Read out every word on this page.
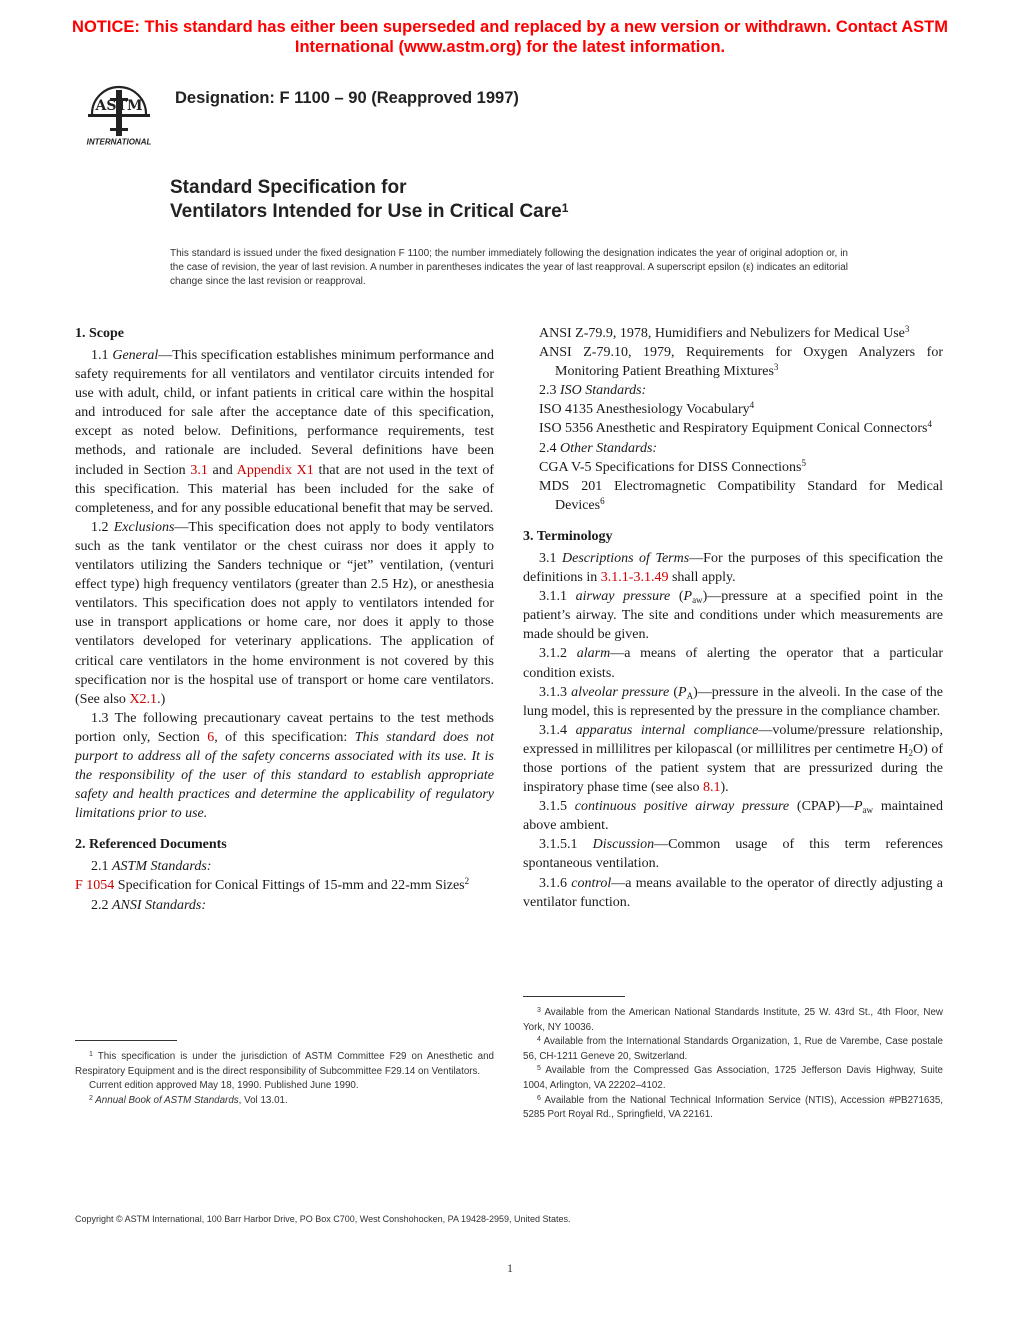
NOTICE: This standard has either been superseded and replaced by a new version or withdrawn. Contact ASTM
International (www.astm.org) for the latest information.
ASTM
INTERNATIONAL
Designation: F 1100 – 90 (Reapproved 1997)
Standard Specification for
Ventilators Intended for Use in Critical Care$^1$
This standard is issued under the fixed designation F 1100; the number immediately following the designation indicates the year of original adoption or, in the case of revision, the year of last revision. A number in parentheses indicates the year of last reapproval. A superscript epsilon (ε) indicates an editorial change since the last revision or reapproval.
1. Scope

1.1 General—This specification establishes minimum performance and safety requirements for all ventilators and ventilator circuits intended for use with adult, child, or infant patients in critical care within the hospital and introduced for sale after the acceptance date of this specification, except as noted below. Definitions, performance requirements, test methods, and rationale are included. Several definitions have been included in Section 3.1 and Appendix X1 that are not used in the text of this specification. This material has been included for the sake of completeness, and for any possible educational benefit that may be served.

1.2 Exclusions—This specification does not apply to body ventilators such as the tank ventilator or the chest cuirass nor does it apply to ventilators utilizing the Sanders technique or “jet” ventilation, (venturi effect type) high frequency ventilators (greater than 2.5 Hz), or anesthesia ventilators. This specification does not apply to ventilators intended for use in transport applications or home care, nor does it apply to those ventilators developed for veterinary applications. The application of critical care ventilators in the home environment is not covered by this specification nor is the hospital use of transport or home care ventilators. (See also X2.1.)

1.3 The following precautionary caveat pertains to the test methods portion only, Section 6, of this specification: This standard does not purport to address all of the safety concerns associated with its use. It is the responsibility of the user of this standard to establish appropriate safety and health practices and determine the applicability of regulatory limitations prior to use.

2. Referenced Documents

2.1 ASTM Standards:

F 1054 Specification for Conical Fittings of 15-mm and 22-mm Sizes$^2$

2.2 ANSI Standards:

$^1$ This specification is under the jurisdiction of ASTM Committee F29 on Anesthetic and Respiratory Equipment and is the direct responsibility of Subcommittee F29.14 on Ventilators.

Current edition approved May 18, 1990. Published June 1990.

$^2$ Annual Book of ASTM Standards, Vol 13.01.

ANSI Z-79.9, 1978, Humidifiers and Nebulizers for Medical Use$^3$

ANSI Z-79.10, 1979, Requirements for Oxygen Analyzers for Monitoring Patient Breathing Mixtures$^3$

2.3 ISO Standards:

ISO 4135 Anesthesiology Vocabulary$^4$

ISO 5356 Anesthetic and Respiratory Equipment Conical Connectors$^4$

2.4 Other Standards:

CGA V-5 Specifications for DISS Connections$^5$

MDS 201 Electromagnetic Compatibility Standard for Medical Devices$^6$

3. Terminology

3.1 Descriptions of Terms—For the purposes of this specification the definitions in 3.1.1-3.1.49 shall apply.

3.1.1 airway pressure $(P_{aw})—pressure$ at a specified point in the patient’s airway. The site and conditions under which measurements are made should be given.

3.1.2 alarm—a means of alerting the operator that a particular condition exists.

3.1.3 alveolar pressure $(P_A)—pressure$ in the alveoli. In the case of the lung model, this is represented by the pressure in the compliance chamber.

3.1.4 apparatus internal compliance—volume/pressure relationship, expressed in millilitres per kilopascal (or millilitres per centimetre $H_2O$) of those portions of the patient system that are pressurized during the inspiratory phase time (see also 8.1).

3.1.5 continuous positive airway pressure $(CPAP)—P_{aw}$ maintained above ambient.

3.1.5.1 Discussion—Common usage of this term references spontaneous ventilation.

3.1.6 control—a means available to the operator of directly adjusting a ventilator function.

$^3$ Available from the American National Standards Institute, 25 W. 43rd St., 4th Floor, New York, NY 10036.

$^4$ Available from the International Standards Organization, 1, Rue de Varembe, Case postale 56, CH-1211 Geneve 20, Switzerland.

$^5$ Available from the Compressed Gas Association, 1725 Jefferson Davis Highway, Suite 1004, Arlington, VA 22202–4102.

$^6$ Available from the National Technical Information Service (NTIS), Accession #PB271635, 5285 Port Royal Rd., Springfield, VA 22161.

Copyright © ASTM International, 100 Barr Harbor Drive, PO Box C700, West Conshohocken, PA 19428-2959, United States.
1
